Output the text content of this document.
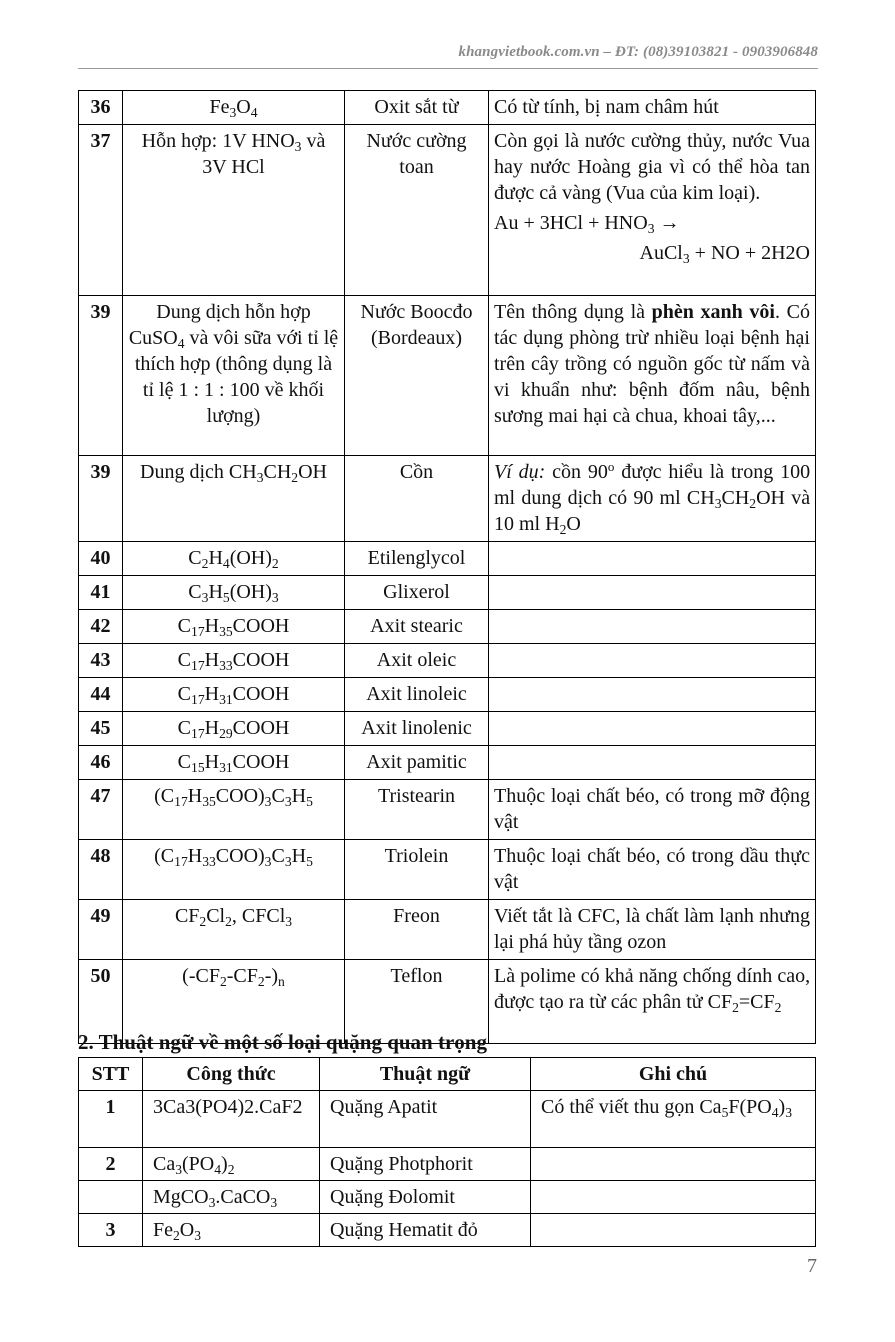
khangvietbook.com.vn – ĐT: (08)39103821 - 0903906848
36	$Fe_3O_4$	Oxit sắt từ	Có từ tính, bị nam châm hút
37	Hỗn hợp: 1V $HNO_3$ và 3V HCl	Nước cường toan	Còn gọi là nước cường thủy, nước Vua hay nước Hoàng gia vì có thể hòa tan được cả vàng (Vua của kim loại).
$Au + 3HCl + HNO_3$ →
AuCl$_3$ + NO + 2H2O

39	Dung dịch hỗn hợp CuSO$_4$ và vôi sữa với tỉ lệ thích hợp (thông dụng là tỉ lệ 1 : 1 : 100 về khối lượng)	Nước Boocđo (Bordeaux)	Tên thông dụng là phèn xanh vôi. Có tác dụng phòng trừ nhiều loại bệnh hại trên cây trồng có nguồn gốc từ nấm và vi khuẩn như: bệnh đốm nâu, bệnh sương mai hại cà chua, khoai tây,...
39	Dung dịch $CH_3CH_2OH$	Cồn	Ví dụ: cồn 90$^o$ được hiểu là trong 100 ml dung dịch có 90 ml $CH_3CH_2OH$ và 10 ml $H_2O$
40	$C_2H_4(OH)_2$	Etilenglycol	
41	$C_3H_5(OH)_3$	Glixerol	
42	$C_{17}H_{35}COOH$	Axit stearic	
43	$C_{17}H_{33}COOH$	Axit oleic	
44	$C_{17}H_{31}COOH$	Axit linoleic	
45	$C_{17}H_{29}COOH$	Axit linolenic	
46	$C_{15}H_{31}COOH$	Axit pamitic	
47	$(C_{17}H_{35}COO)_3C_3H_5$	Tristearin	Thuộc loại chất béo, có trong mỡ động vật
48	$(C_{17}H_{33}COO)_3C_3H_5$	Triolein	Thuộc loại chất béo, có trong dầu thực vật
49	$CF_2Cl_2$, CFCl$_3$	Freon	Viết tắt là CFC, là chất làm lạnh nhưng lại phá hủy tầng ozon
50	$(-CF_2-CF_2-)_n$	Teflon	Là polime có khả năng chống dính cao, được tạo ra từ các phân tử $CF_2=CF_2$
2. Thuật ngữ về một số loại quặng quan trọng
STT	Công thức	Thuật ngữ	Ghi chú
1	3Ca3(PO4)2.CaF2	Quặng Apatit	Có thể viết thu gọn $Ca_5F(PO_4)_3$
2	$Ca_3(PO_4)_2$	Quặng Photphorit	
	MgCO$_3$.CaCO$_3$	Quặng Đolomit	
3	$Fe_2O_3$	Quặng Hematit đỏ	
7
